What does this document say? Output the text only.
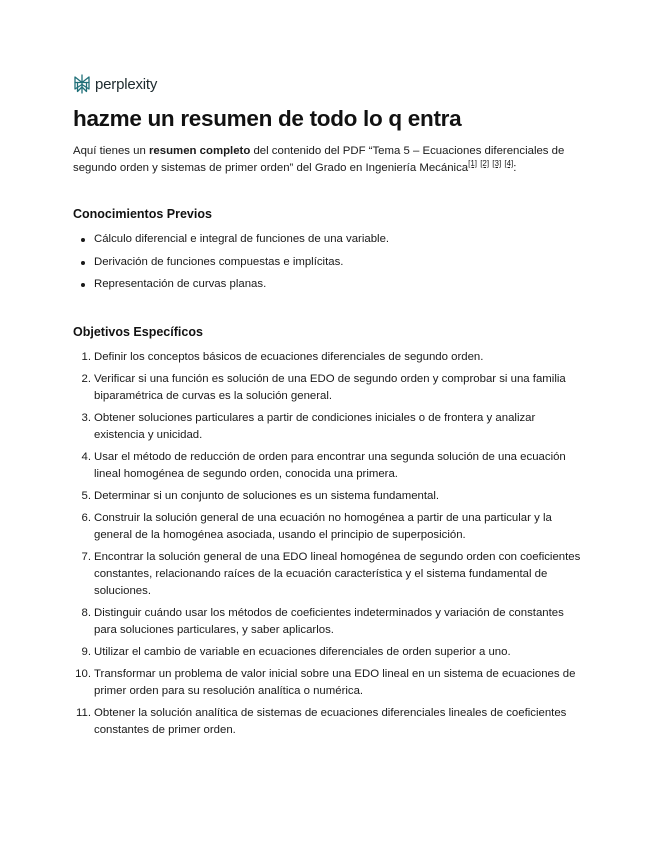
perplexity
hazme un resumen de todo lo q entra

Aquí tienes un resumen completo del contenido del PDF “Tema 5 – Ecuaciones diferenciales de segundo orden y sistemas de primer orden” del Grado en Ingeniería Mecánica[1] [2] [3] [4]:

Conocimientos Previos
Cálculo diferencial e integral de funciones de una variable.
Derivación de funciones compuestas e implícitas.
Representación de curvas planas.
Objetivos Específicos
1. Definir los conceptos básicos de ecuaciones diferenciales de segundo orden.
2. Verificar si una función es solución de una EDO de segundo orden y comprobar si una familia biparamétrica de curvas es la solución general.
3. Obtener soluciones particulares a partir de condiciones iniciales o de frontera y analizar existencia y unicidad.
4. Usar el método de reducción de orden para encontrar una segunda solución de una ecuación lineal homogénea de segundo orden, conocida una primera.
5. Determinar si un conjunto de soluciones es un sistema fundamental.
6. Construir la solución general de una ecuación no homogénea a partir de una particular y la general de la homogénea asociada, usando el principio de superposición.
7. Encontrar la solución general de una EDO lineal homogénea de segundo orden con coeficientes constantes, relacionando raíces de la ecuación característica y el sistema fundamental de soluciones.
8. Distinguir cuándo usar los métodos de coeficientes indeterminados y variación de constantes para soluciones particulares, y saber aplicarlos.
9. Utilizar el cambio de variable en ecuaciones diferenciales de orden superior a uno.
10. Transformar un problema de valor inicial sobre una EDO lineal en un sistema de ecuaciones de primer orden para su resolución analítica o numérica.
11. Obtener la solución analítica de sistemas de ecuaciones diferenciales lineales de coeficientes constantes de primer orden.
